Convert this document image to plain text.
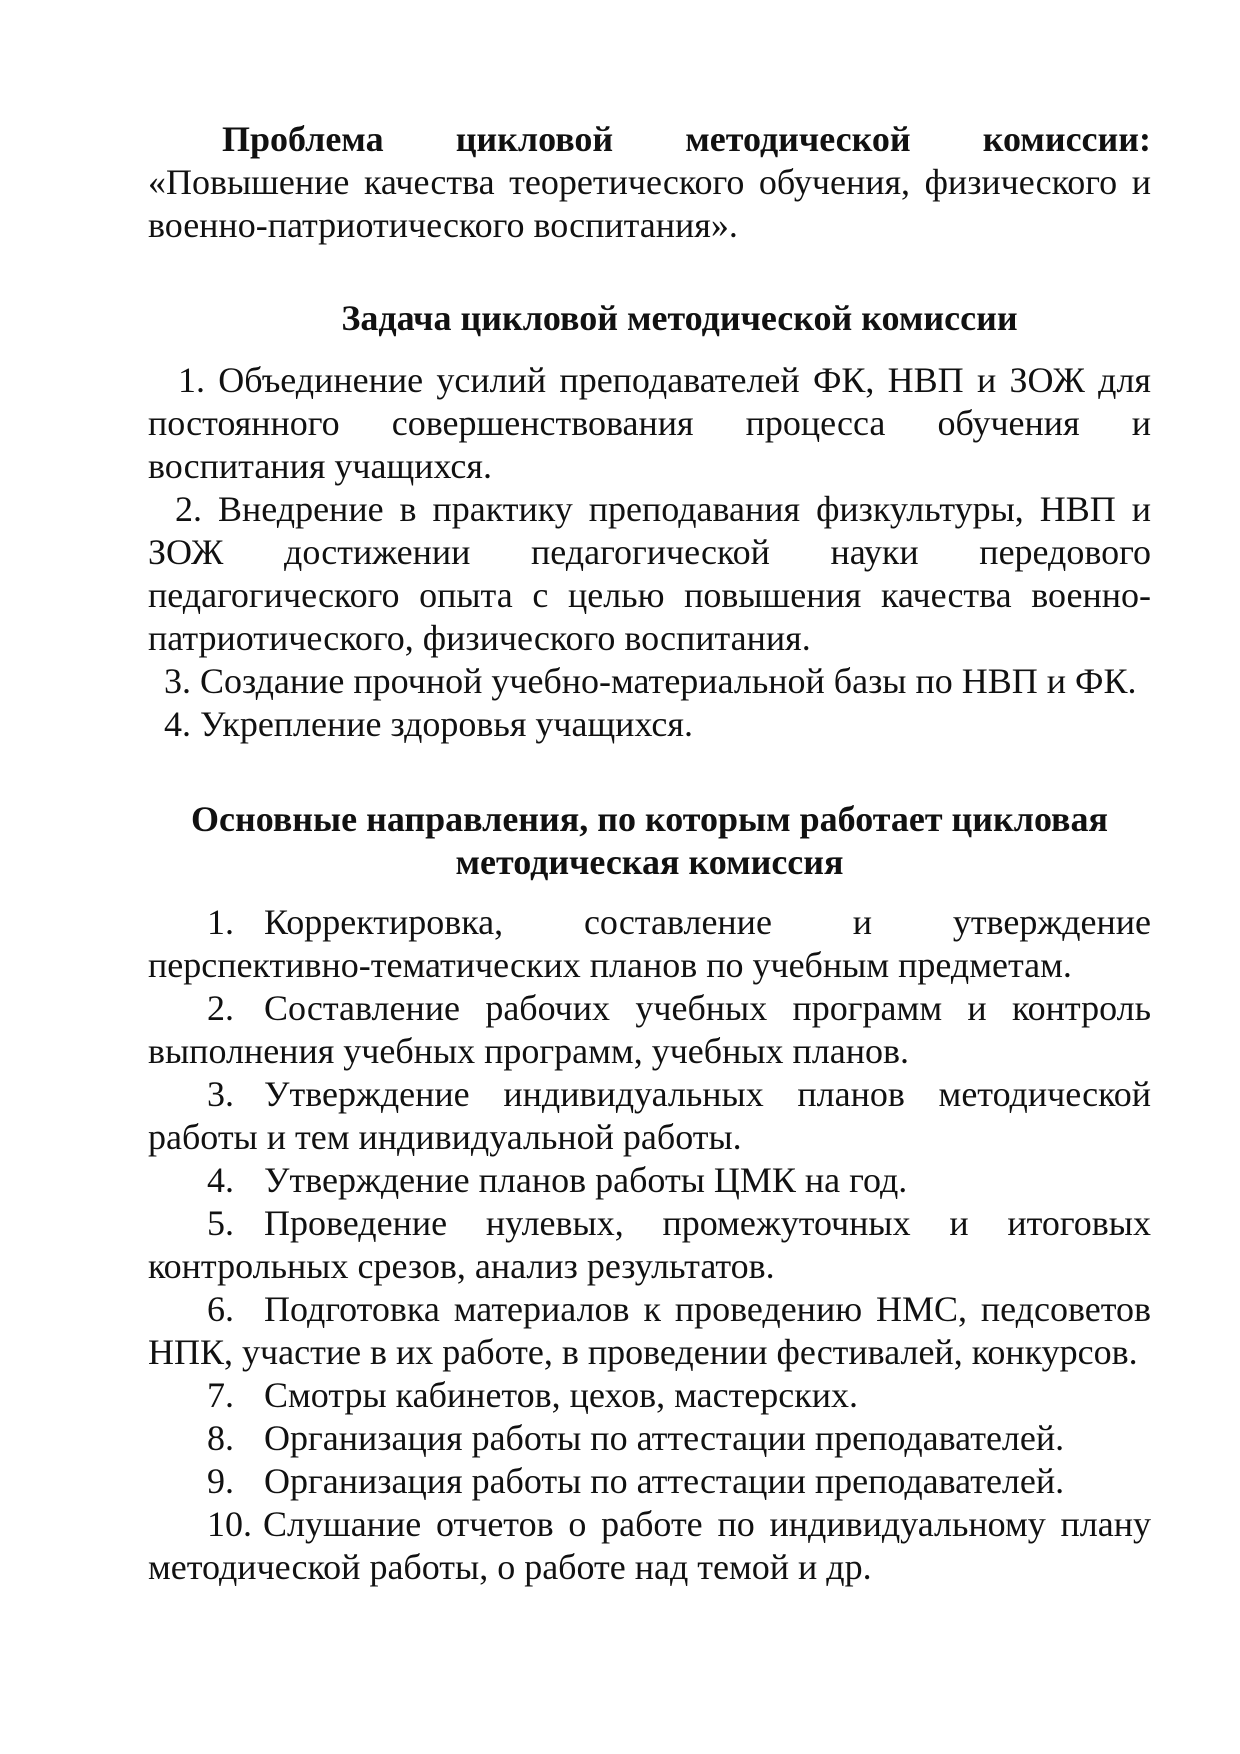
Проблема цикловой методической комиссии:
«Повышение качества теоретического обучения, физического и военно-патриотического воспитания».
Задача цикловой методической комиссии
1. Объединение усилий преподавателей ФК, НВП и ЗОЖ для постоянного совершенствования процесса обучения и воспитания учащихся.
2. Внедрение в практику преподавания физкультуры, НВП и ЗОЖ достижении педагогической науки передового педагогического опыта с целью повышения качества военно-патриотического, физического воспитания.
3. Создание прочной учебно-материальной базы по НВП и ФК.
4. Укрепление здоровья учащихся.
Основные направления, по которым работает цикловая
методическая комиссия
1. Корректировка, составление и утверждение перспективно-тематических планов по учебным предметам.
2. Составление рабочих учебных программ и контроль выполнения учебных программ, учебных планов.
3. Утверждение индивидуальных планов методической работы и тем индивидуальной работы.
4. Утверждение планов работы ЦМК на год.
5. Проведение нулевых, промежуточных и итоговых контрольных срезов, анализ результатов.
6. Подготовка материалов к проведению НМС, педсоветов НПК, участие в их работе, в проведении фестивалей, конкурсов.
7. Смотры кабинетов, цехов, мастерских.
8. Организация работы по аттестации преподавателей.
9. Организация работы по аттестации преподавателей.
10. Слушание отчетов о работе по индивидуальному плану методической работы, о работе над темой и др.
